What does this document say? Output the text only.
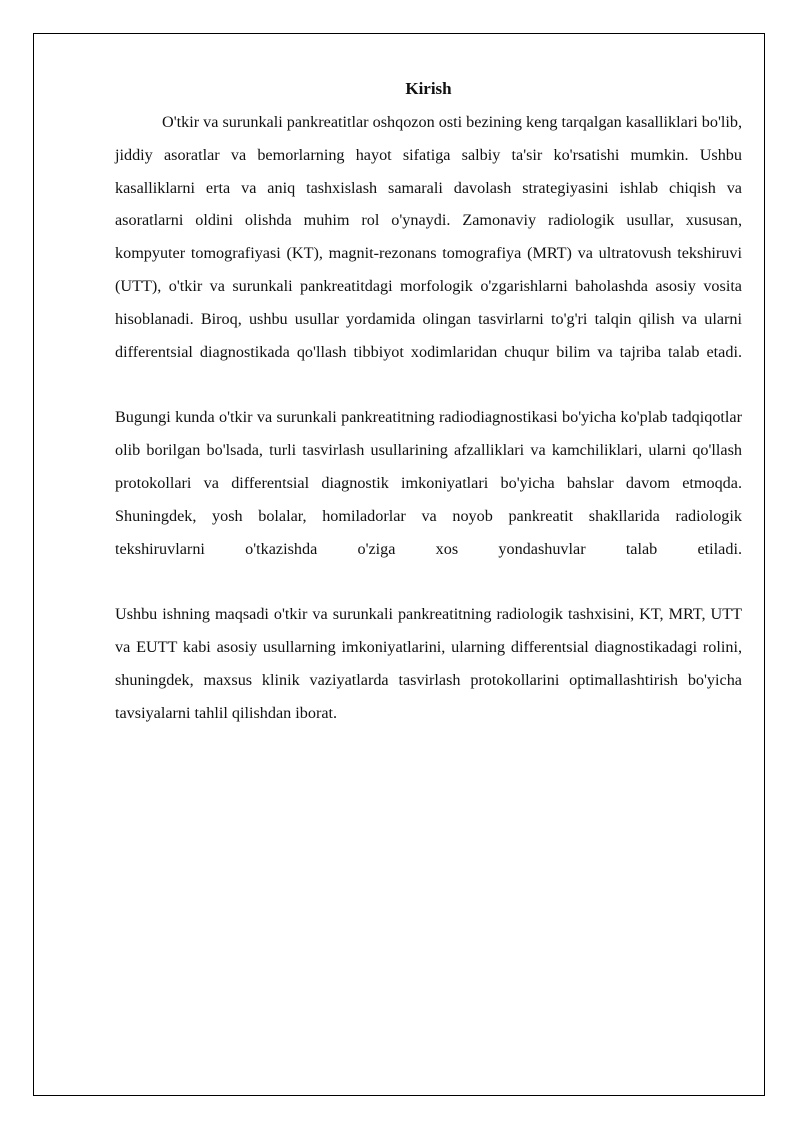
Kirish

O'tkir va surunkali pankreatitlar oshqozon osti bezining keng tarqalgan kasalliklari bo'lib, jiddiy asoratlar va bemorlarning hayot sifatiga salbiy ta'sir ko'rsatishi mumkin. Ushbu kasalliklarni erta va aniq tashxislash samarali davolash strategiyasini ishlab chiqish va asoratlarni oldini olishda muhim rol o'ynaydi. Zamonaviy radiologik usullar, xususan, kompyuter tomografiyasi (KT), magnit-rezonans tomografiya (MRT) va ultratovush tekshiruvi (UTT), o'tkir va surunkali pankreatitdagi morfologik o'zgarishlarni baholashda asosiy vosita hisoblanadi. Biroq, ushbu usullar yordamida olingan tasvirlarni to'g'ri talqin qilish va ularni differentsial diagnostikada qo'llash tibbiyot xodimlaridan chuqur bilim va tajriba talab etadi.

Bugungi kunda o'tkir va surunkali pankreatitning radiodiagnostikasi bo'yicha ko'plab tadqiqotlar olib borilgan bo'lsada, turli tasvirlash usullarining afzalliklari va kamchiliklari, ularni qo'llash protokollari va differentsial diagnostik imkoniyatlari bo'yicha bahslar davom etmoqda. Shuningdek, yosh bolalar, homiladorlar va noyob pankreatit shakllarida radiologik tekshiruvlarni o'tkazishda o'ziga xos yondashuvlar talab etiladi.

Ushbu ishning maqsadi o'tkir va surunkali pankreatitning radiologik tashxisini, KT, MRT, UTT va EUTT kabi asosiy usullarning imkoniyatlarini, ularning differentsial diagnostikadagi rolini, shuningdek, maxsus klinik vaziyatlarda tasvirlash protokollarini optimallashtirish bo'yicha tavsiyalarni tahlil qilishdan iborat.
